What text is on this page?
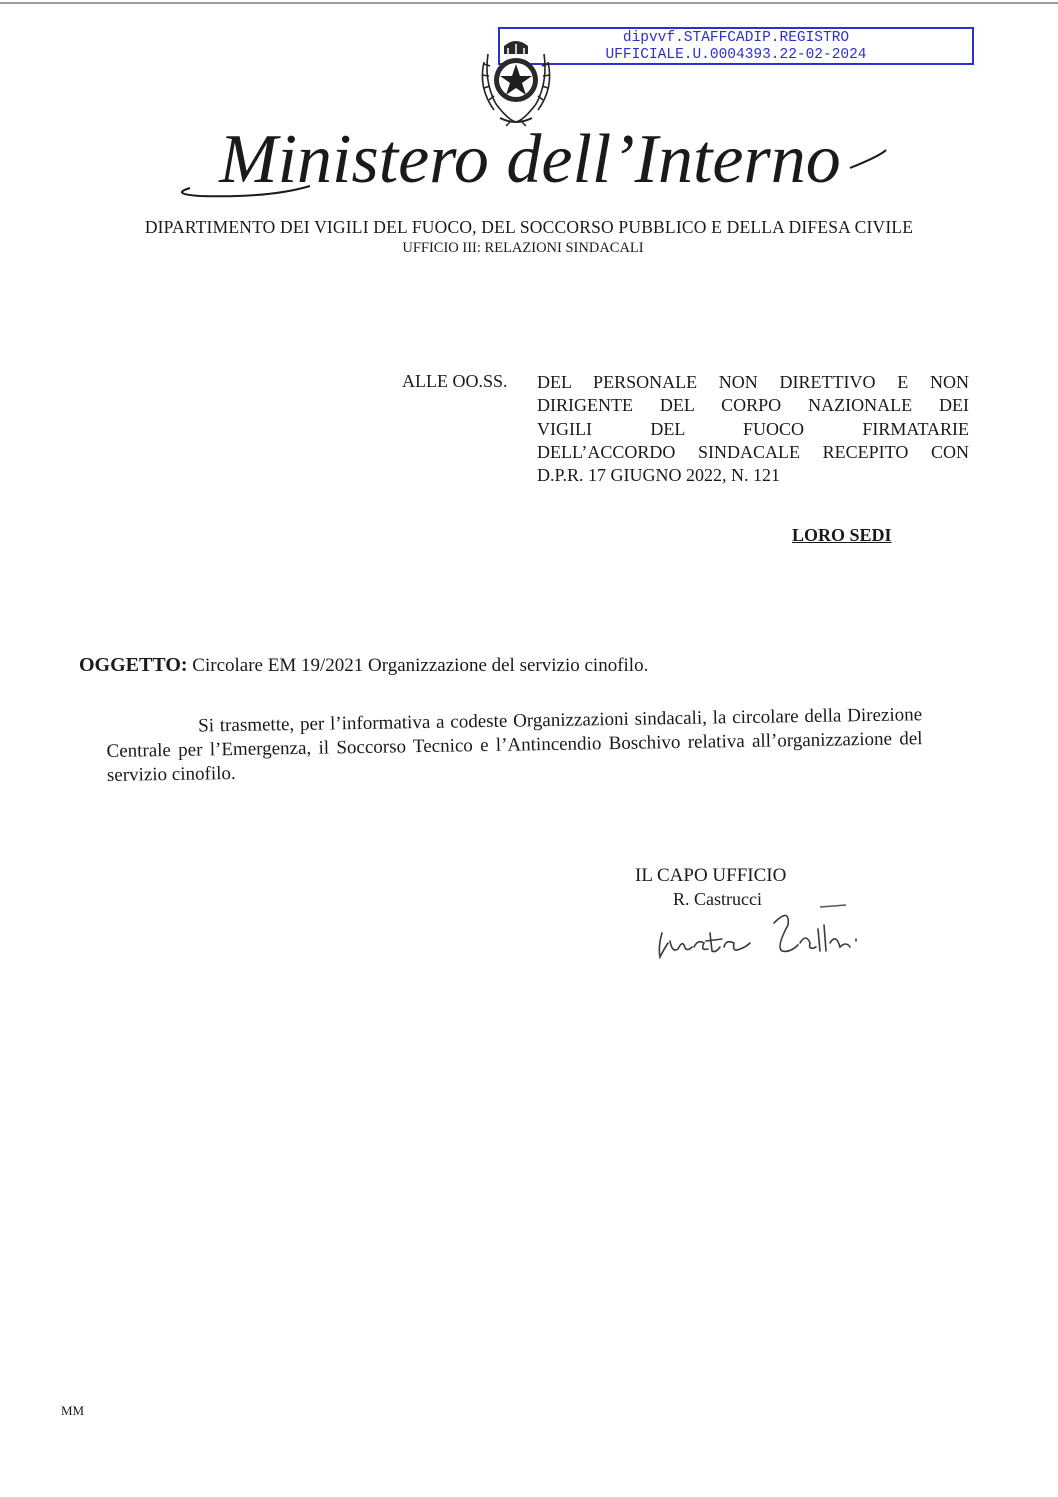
dipvvf.STAFFCADIP.REGISTRO
UFFICIALE.U.0004393.22-02-2024
Ministero dell’Interno
DIPARTIMENTO DEI VIGILI DEL FUOCO, DEL SOCCORSO PUBBLICO E DELLA DIFESA CIVILE
UFFICIO III: RELAZIONI SINDACALI
ALLE OO.SS. DEL PERSONALE NON DIRETTIVO E NON
DIRIGENTE DEL CORPO NAZIONALE DEI
VIGILI DEL FUOCO FIRMATARIE
DELL’ACCORDO SINDACALE RECEPITO CON
D.P.R. 17 GIUGNO 2022, N. 121
LORO SEDI
OGGETTO: Circolare EM 19/2021 Organizzazione del servizio cinofilo.
Si trasmette, per l’informativa a codeste Organizzazioni sindacali, la circolare della Direzione Centrale per l’Emergenza, il Soccorso Tecnico e l’Antincendio Boschivo relativa all’organizzazione del servizio cinofilo.
IL CAPO UFFICIO
R. Castrucci
MM
